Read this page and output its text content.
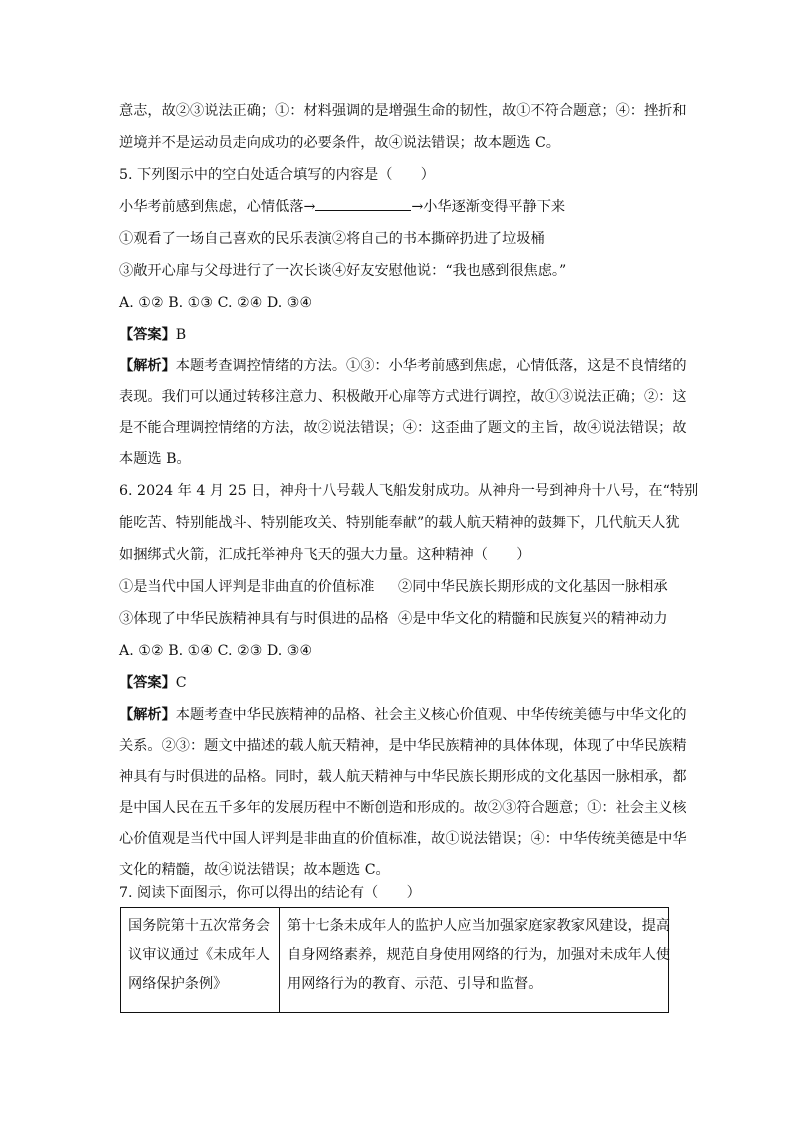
意志，故②③说法正确；①：材料强调的是增强生命的韧性，故①不符合题意；④：挫折和
逆境并不是运动员走向成功的必要条件，故④说法错误；故本题选 C。
5. 下列图示中的空白处适合填写的内容是（　　）
小华考前感到焦虑，心情低落→	→小华逐渐变得平静下来
①观看了一场自己喜欢的民乐表演②将自己的书本撕碎扔进了垃圾桶
③敞开心扉与父母进行了一次长谈④好友安慰他说：“我也感到很焦虑。”
A. ①② B. ①③ C. ②④ D. ③④
【答案】B
【解析】本题考查调控情绪的方法。①③：小华考前感到焦虑，心情低落，这是不良情绪的
表现。我们可以通过转移注意力、积极敞开心扉等方式进行调控，故①③说法正确；②：这
是不能合理调控情绪的方法，故②说法错误；④：这歪曲了题文的主旨，故④说法错误；故
本题选 B。
6. 2024 年 4 月 25 日，神舟十八号载人飞船发射成功。从神舟一号到神舟十八号，在“特别
能吃苦、特别能战斗、特别能攻关、特别能奉献”的载人航天精神的鼓舞下，几代航天人犹
如捆绑式火箭，汇成托举神舟飞天的强大力量。这种精神（　　）
①是当代中国人评判是非曲直的价值标准 ②同中华民族长期形成的文化基因一脉相承
③体现了中华民族精神具有与时俱进的品格 ④是中华文化的精髓和民族复兴的精神动力
A. ①② B. ①④ C. ②③ D. ③④
【答案】C
【解析】本题考查中华民族精神的品格、社会主义核心价值观、中华传统美德与中华文化的
关系。②③：题文中描述的载人航天精神，是中华民族精神的具体体现，体现了中华民族精
神具有与时俱进的品格。同时，载人航天精神与中华民族长期形成的文化基因一脉相承，都
是中国人民在五千多年的发展历程中不断创造和形成的。故②③符合题意；①：社会主义核
心价值观是当代中国人评判是非曲直的价值标准，故①说法错误；④：中华传统美德是中华
文化的精髓，故④说法错误；故本题选 C。
7. 阅读下面图示，你可以得出的结论有（　　）
国务院第十五次常务会
议审议通过《未成年人
网络保护条例》

第十七条未成年人的监护人应当加强家庭家教家风建设，提高
自身网络素养，规范自身使用网络的行为，加强对未成年人使
用网络行为的教育、示范、引导和监督。
